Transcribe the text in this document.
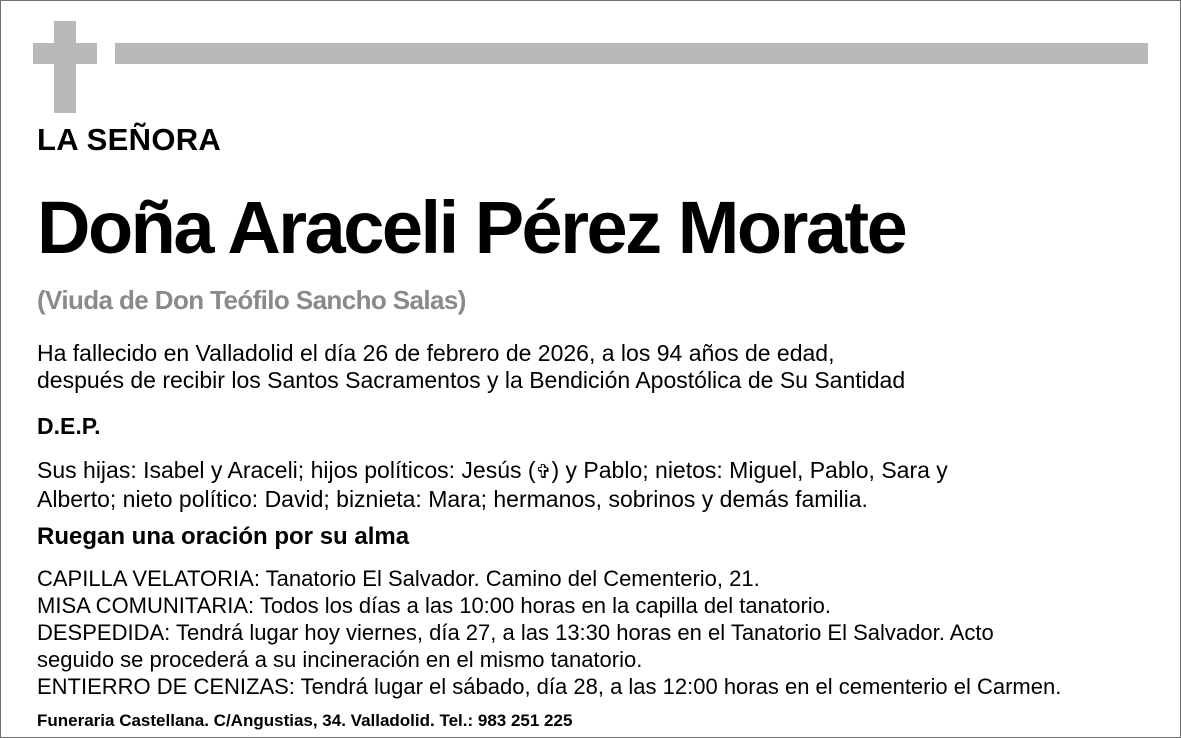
LA SEÑORA
Doña Araceli Pérez Morate
(Viuda de Don Teófilo Sancho Salas)
Ha fallecido en Valladolid el día 26 de febrero de 2026, a los 94 años de edad,
después de recibir los Santos Sacramentos y la Bendición Apostólica de Su Santidad
D.E.P.
Sus hijas: Isabel y Araceli; hijos políticos: Jesús (✞) y Pablo; nietos: Miguel, Pablo, Sara y
Alberto; nieto político: David; biznieta: Mara; hermanos, sobrinos y demás familia.
Ruegan una oración por su alma
CAPILLA VELATORIA: Tanatorio El Salvador. Camino del Cementerio, 21.
MISA COMUNITARIA: Todos los días a las 10:00 horas en la capilla del tanatorio.
DESPEDIDA: Tendrá lugar hoy viernes, día 27, a las 13:30 horas en el Tanatorio El Salvador. Acto
seguido se procederá a su incineración en el mismo tanatorio.
ENTIERRO DE CENIZAS: Tendrá lugar el sábado, día 28, a las 12:00 horas en el cementerio el Carmen.
Funeraria Castellana. C/Angustias, 34. Valladolid. Tel.: 983 251 225
